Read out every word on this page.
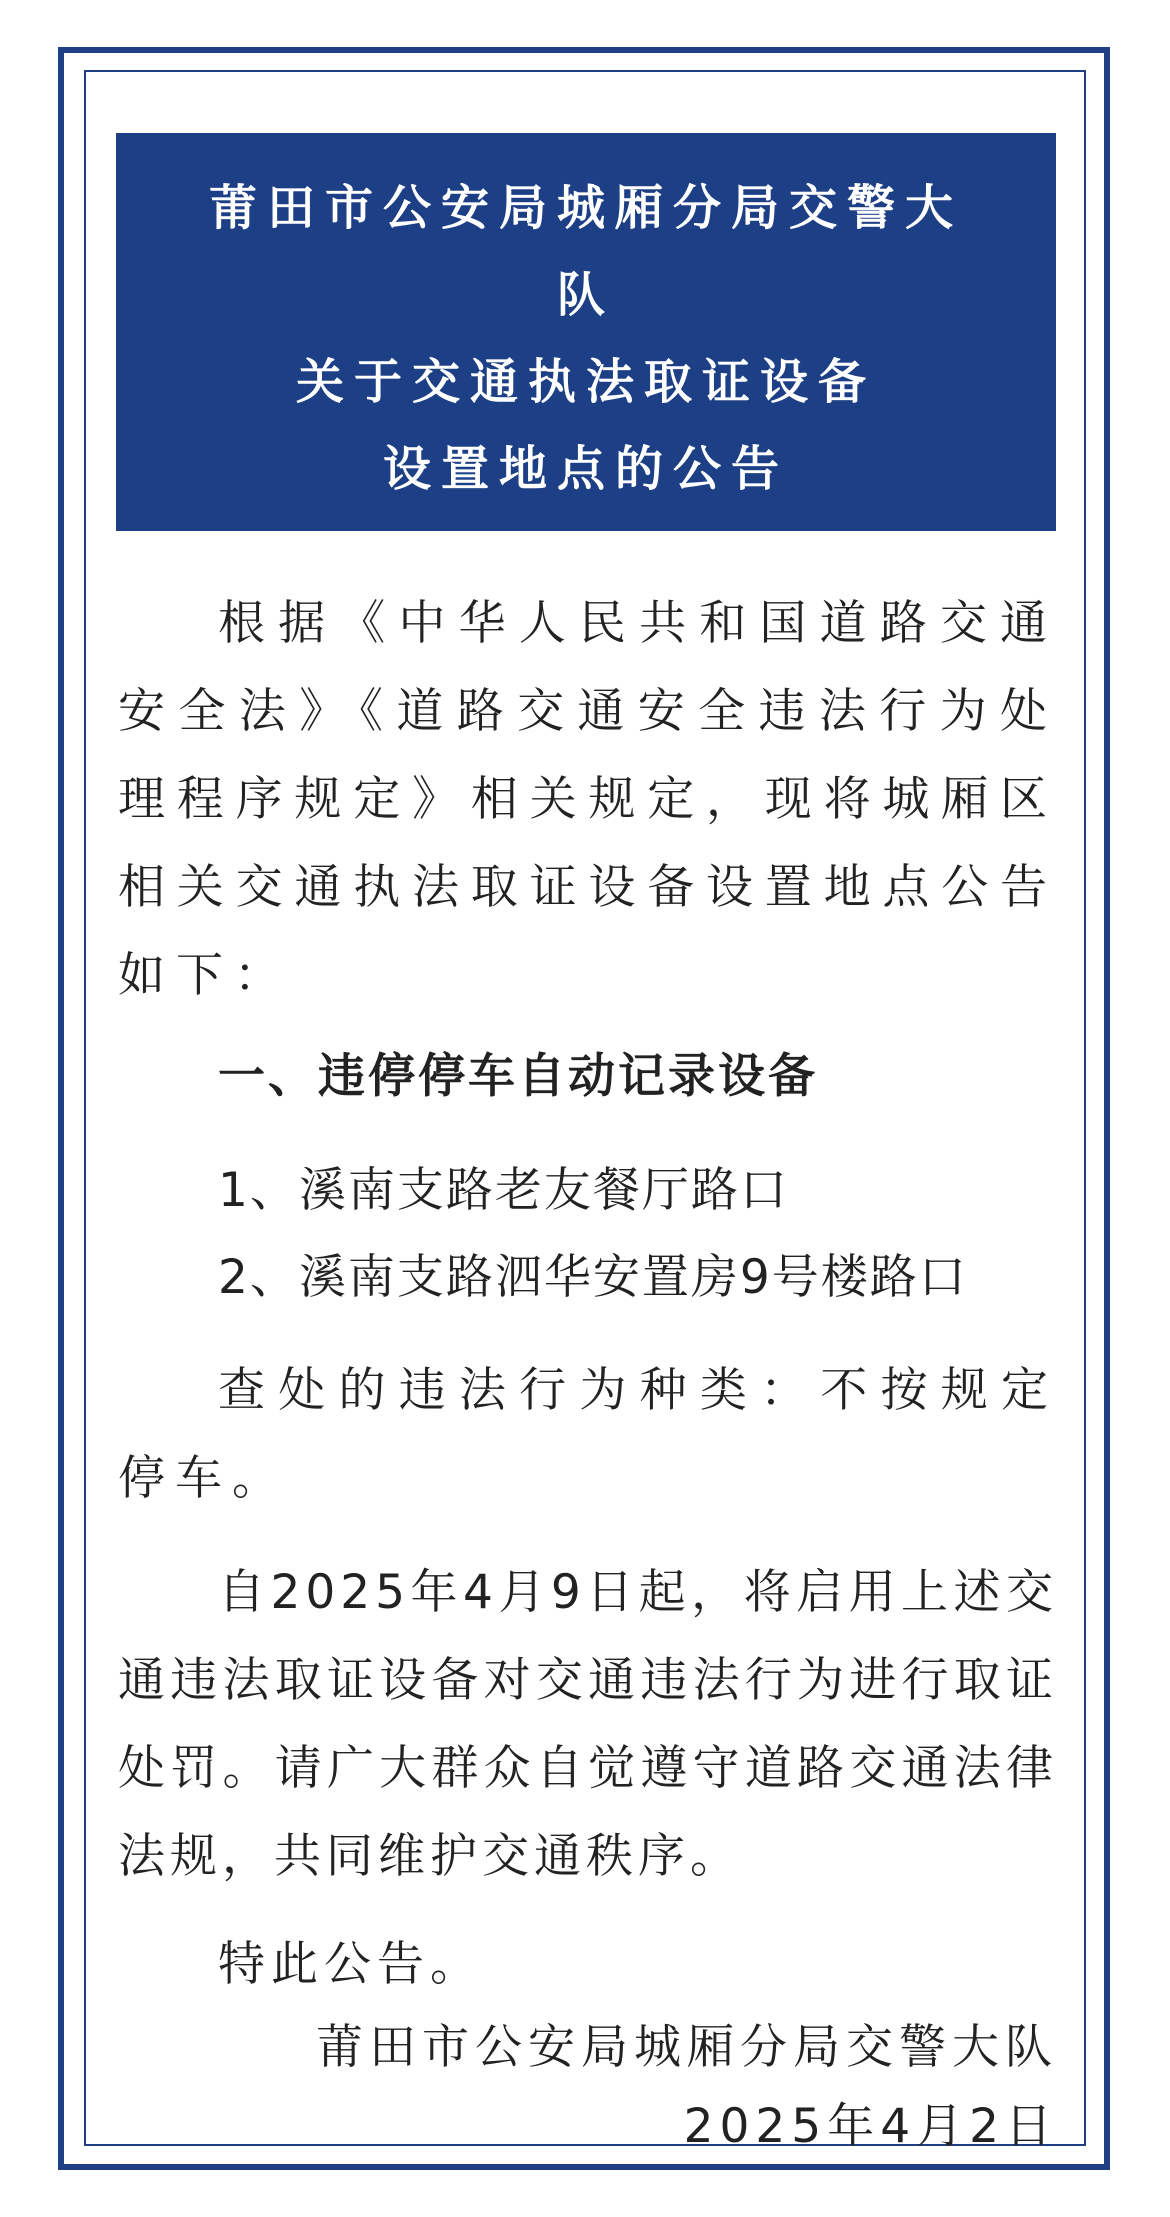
莆田市公安局城厢分局交警大
队
关于交通执法取证设备
设置地点的公告

根据《中华人民共和国道路交通安全法》《道路交通安全违法行为处理程序规定》相关规定，现将城厢区相关交通执法取证设备设置地点公告如下：

一、违停停车自动记录设备

1、溪南支路老友餐厅路口

2、溪南支路泗华安置房9号楼路口

查处的违法行为种类：不按规定停车。

自2025年4月9日起，将启用上述交通违法取证设备对交通违法行为进行取证处罚。请广大群众自觉遵守道路交通法律法规，共同维护交通秩序。

特此公告。

莆田市公安局城厢分局交警大队

2025年4月2日
